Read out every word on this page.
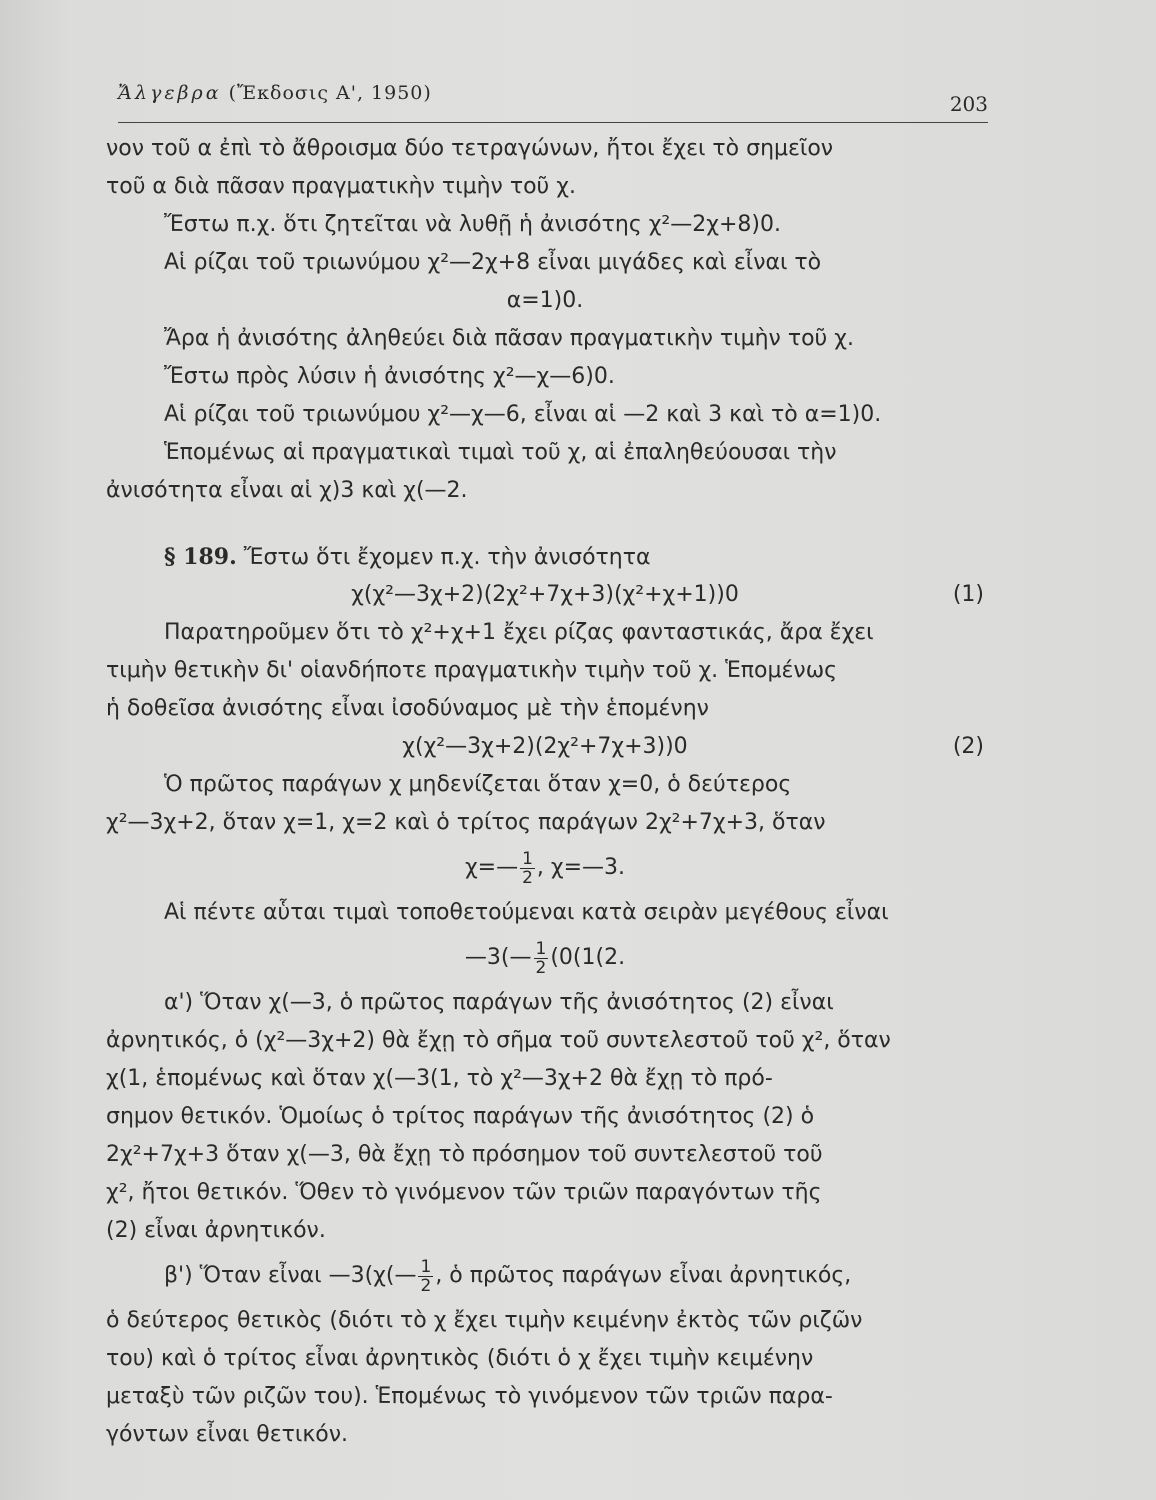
Ἄλγεβρα (Ἔκδοσις Α', 1950)	203
νον τοῦ α ἐπὶ τὸ ἄθροισμα δύο τετραγώνων, ἤτοι ἔχει τὸ σημεῖον
τοῦ α διὰ πᾶσαν πραγματικὴν τιμὴν τοῦ χ.
Ἔστω π.χ. ὅτι ζητεῖται νὰ λυθῇ ἡ ἀνισότης χ²—2χ+8)0.
Αἱ ρίζαι τοῦ τριωνύμου χ²—2χ+8 εἶναι μιγάδες καὶ εἶναι τὸ
α=1)0.
Ἄρα ἡ ἀνισότης ἀληθεύει διὰ πᾶσαν πραγματικὴν τιμὴν τοῦ χ.
Ἔστω πρὸς λύσιν ἡ ἀνισότης χ²—χ—6)0.
Αἱ ρίζαι τοῦ τριωνύμου χ²—χ—6, εἶναι αἱ —2 καὶ 3 καὶ τὸ α=1)0.
Ἑπομένως αἱ πραγματικαὶ τιμαὶ τοῦ χ, αἱ ἐπαληθεύουσαι τὴν
ἀνισότητα εἶναι αἱ χ)3 καὶ χ(—2.
§ 189. Ἔστω ὅτι ἔχομεν π.χ. τὴν ἀνισότητα
χ(χ²—3χ+2)(2χ²+7χ+3)(χ²+χ+1))0	(1)
Παρατηροῦμεν ὅτι τὸ χ²+χ+1 ἔχει ρίζας φανταστικάς, ἄρα ἔχει
τιμὴν θετικὴν δι' οἱανδήποτε πραγματικὴν τιμὴν τοῦ χ. Ἑπομένως
ἡ δοθεῖσα ἀνισότης εἶναι ἰσοδύναμος μὲ τὴν ἑπομένην
χ(χ²—3χ+2)(2χ²+7χ+3))0	(2)
Ὁ πρῶτος παράγων χ μηδενίζεται ὅταν χ=0, ὁ δεύτερος
χ²—3χ+2, ὅταν χ=1, χ=2 καὶ ὁ τρίτος παράγων 2χ²+7χ+3, ὅταν
χ=— $\frac{1}{2}$ , χ=—3.
Αἱ πέντε αὗται τιμαὶ τοποθετούμεναι κατὰ σειρὰν μεγέθους εἶναι
—3(— $\frac{1}{2} (0(1(2$.
α') Ὅταν χ(—3, ὁ πρῶτος παράγων τῆς ἀνισότητος (2) εἶναι
ἀρνητικός, ὁ (χ²—3χ+2) θὰ ἔχῃ τὸ σῆμα τοῦ συντελεστοῦ τοῦ χ², ὅταν
χ(1, ἑπομένως καὶ ὅταν χ(—3(1, τὸ χ²—3χ+2 θὰ ἔχῃ τὸ πρό-
σημον θετικόν. Ὁμοίως ὁ τρίτος παράγων τῆς ἀνισότητος (2) ὁ
2χ²+7χ+3 ὅταν χ(—3, θὰ ἔχῃ τὸ πρόσημον τοῦ συντελεστοῦ τοῦ
χ², ἤτοι θετικόν. Ὅθεν τὸ γινόμενον τῶν τριῶν παραγόντων τῆς
(2) εἶναι ἀρνητικόν.
β') Ὅταν εἶναι —3(χ(— $\frac{1}{2}$ , ὁ πρῶτος παράγων εἶναι ἀρνητικός,
ὁ δεύτερος θετικὸς (διότι τὸ χ ἔχει τιμὴν κειμένην ἐκτὸς τῶν ριζῶν
του) καὶ ὁ τρίτος εἶναι ἀρνητικὸς (διότι ὁ χ ἔχει τιμὴν κειμένην
μεταξὺ τῶν ριζῶν του). Ἑπομένως τὸ γινόμενον τῶν τριῶν παρα-
γόντων εἶναι θετικόν.
